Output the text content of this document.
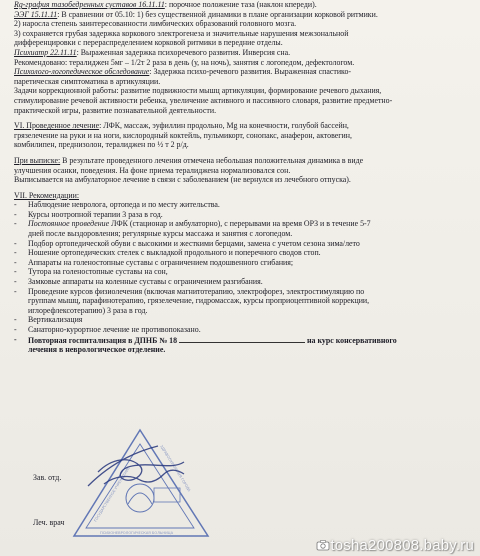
Rg-графия тазобедренных суставов 16.11.11: порочное положение таза (наклон кпереди).
ЭЭГ 15.11.11: В сравнении от 05.10: 1) без существенной динамики в плане организации корковой ритмики.
2) нароcла степень заинтересованности лимбических образований головного мозга.
3) сохраняется грубая задержка коркового электрогенеза и значительные нарушения межзональной
дифференцировки с перераспределением корковой ритмики в передние отделы.
Психиатр 22.11.11: Выраженная задержка психоречевого развития. Инверсия сна.
Рекомендовано: тералиджен 5мг – 1/2т 2 раза в день (у, на ночь), занятия с логопедом, дефектологом.
Психолого-логопедическое обследование: Задержка психо-речевого развития. Выраженная спастико-
паретическая симптоматика в артикуляции.
Задачи коррекционной работы: развитие подвижности мышц артикуляции, формирование речевого дыхания,
стимулирование речевой активности ребенка, увеличение активного и пассивного словаря, развитие предметно-
практической игры, развитие познавательной деятельности.
VI. Проведенное лечение: ЛФК, массаж, эуфиллин продольно, Mg на конечности, голубой бассейн,
грязелечение на руки и на ноги, кислородный коктейль, пульмикорт, сонопакс, анаферон, актовегин,
комбилипен, преднизолон, тералиджен по ½ т 2 р/д.
При выписке: В результате проведенного лечения отмечена небольшая положительная динамика в виде
улучшения осанки, поведения. На фоне приема тералиджена нормализовался сон.
Выписывается на амбулаторное лечение в связи с заболеванием (не вернулся из лечебного отпуска).
VII. Рекомендации:
- Наблюдение невролога, ортопеда и по месту жительства.
- Курсы ноотропной терапии 3 раза в год.
- Постоянное проведение ЛФК (стационар и амбулаторно), с перерывами на время ОРЗ и в течение 5-7
дней после выздоровления; регулярные курсы массажа и занятия с логопедом.
- Подбор ортопедической обуви с высокими и жесткими берцами, замена с учетом сезона зима/лето
- Ношение ортопедических стелек с выкладкой продольного и поперечного сводов стоп.
- Аппараты на голеностопные суставы с ограничением подошвенного сгибания;
- Тутора на голеностопные суставы на сон,
- Замковые аппараты на коленные суставы с ограничением разгибания.
- Проведение курсов физиолечения (включая магнитотерапию, электрофорез, электростимуляцию по
группам мышц, парафинотерапию, грязелечение, гидромассаж, курсы проприоцептивной коррекции,
иглорефлексотерапию) 3 раза в год.
- Вертикализация
- Санаторно-курортное лечение не противопоказано.
- Повторная госпитализация в ДПНБ № 18	на курс консервативного
лечения в неврологическое отделение.
Зав. отд.
Леч. врач	ГОСУДАРСТВЕННОЕ УЧРЕЖДЕНИЕ	ЗДРАВООХРАНЕНИЯ ГОРОДА
ПСИХОНЕВРОЛОГИЧЕСКАЯ БОЛЬНИЦА
tosha200808.baby.ru
